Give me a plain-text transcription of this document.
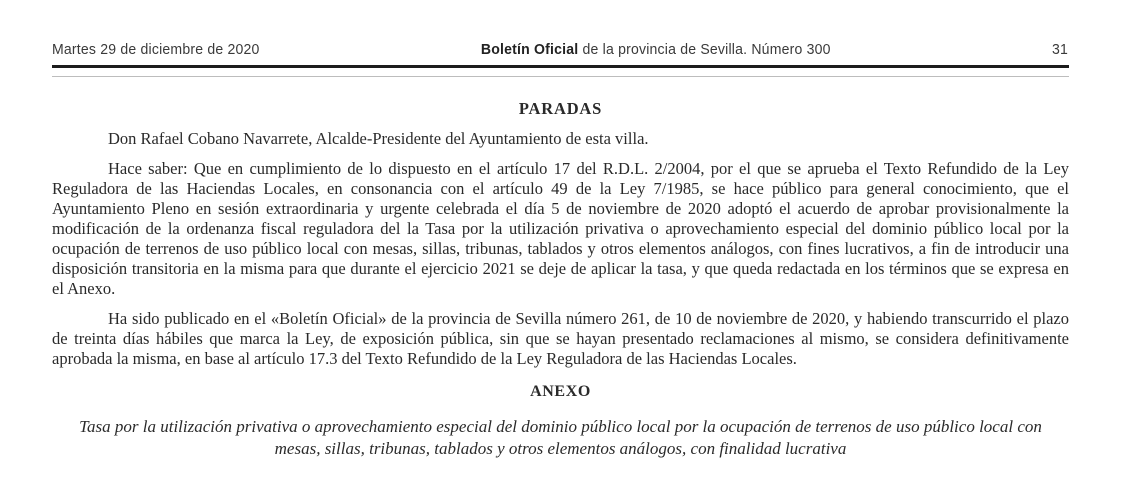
Martes 29 de diciembre de 2020	Boletín Oficial de la provincia de Sevilla. Número 300	31
PARADAS

Don Rafael Cobano Navarrete, Alcalde-Presidente del Ayuntamiento de esta villa.

Hace saber: Que en cumplimiento de lo dispuesto en el artículo 17 del R.D.L. 2/2004, por el que se aprueba el Texto Refundido de la Ley Reguladora de las Haciendas Locales, en consonancia con el artículo 49 de la Ley 7/1985, se hace público para general conocimiento, que el Ayuntamiento Pleno en sesión extraordinaria y urgente celebrada el día 5 de noviembre de 2020 adoptó el acuerdo de aprobar provisionalmente la modificación de la ordenanza fiscal reguladora del la Tasa por la utilización privativa o aprovechamiento especial del dominio público local por la ocupación de terrenos de uso público local con mesas, sillas, tribunas, tablados y otros elementos análogos, con fines lucrativos, a fin de introducir una disposición transitoria en la misma para que durante el ejercicio 2021 se deje de aplicar la tasa, y que queda redactada en los términos que se expresa en el Anexo.

Ha sido publicado en el «Boletín Oficial» de la provincia de Sevilla número 261, de 10 de noviembre de 2020, y habiendo transcurrido el plazo de treinta días hábiles que marca la Ley, de exposición pública, sin que se hayan presentado reclamaciones al mismo, se considera definitivamente aprobada la misma, en base al artículo 17.3 del Texto Refundido de la Ley Reguladora de las Haciendas Locales.

ANEXO

Tasa por la utilización privativa o aprovechamiento especial del dominio público local por la ocupación de terrenos de uso público local con mesas, sillas, tribunas, tablados y otros elementos análogos, con finalidad lucrativa
